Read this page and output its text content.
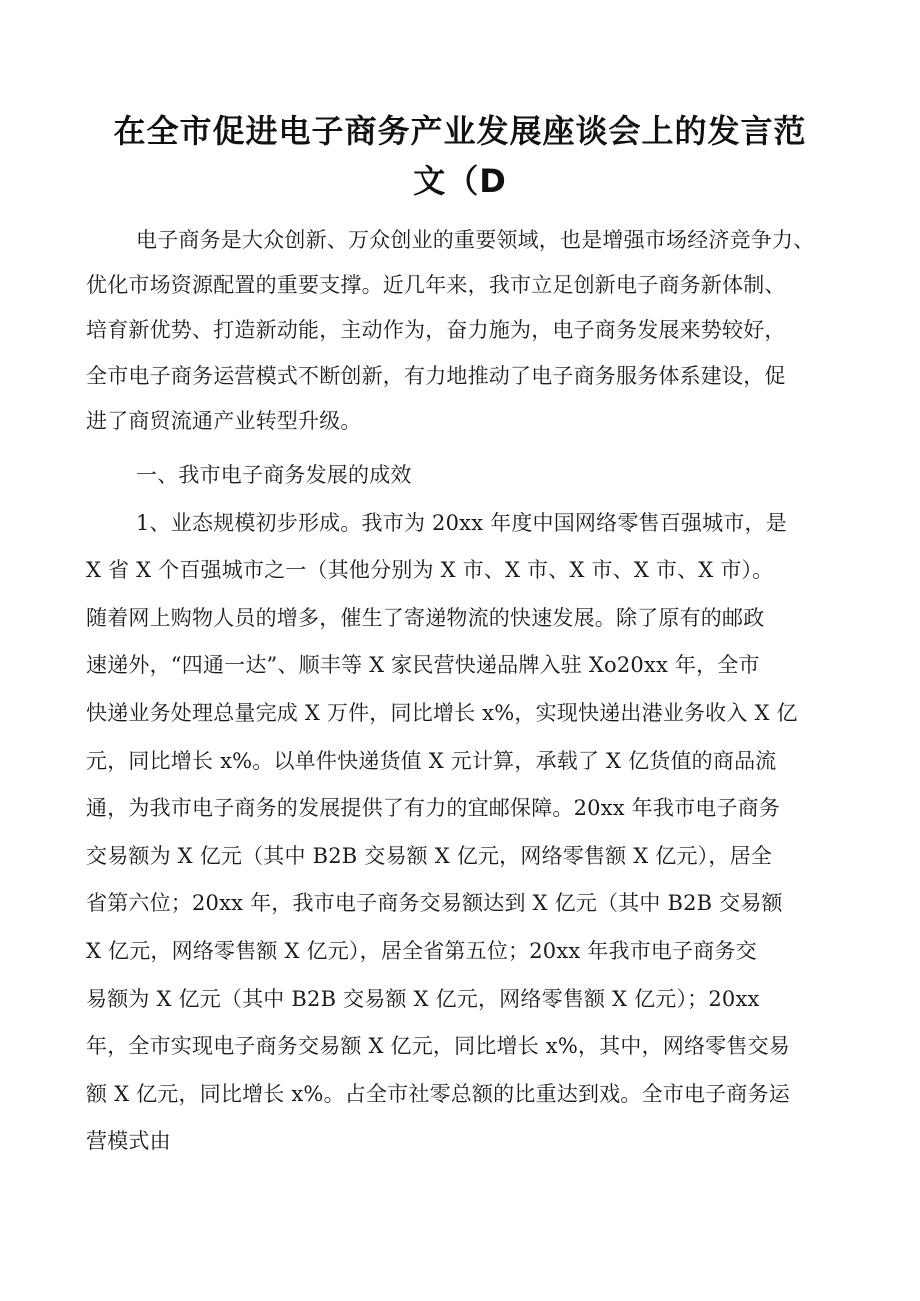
在全市促进电子商务产业发展座谈会上的发言范
文（D
电子商务是大众创新、万众创业的重要领域，也是增强市场经济竞争力、
优化市场资源配置的重要支撑。近几年来，我市立足创新电子商务新体制、
培育新优势、打造新动能，主动作为，奋力施为，电子商务发展来势较好，
全市电子商务运营模式不断创新，有力地推动了电子商务服务体系建设，促
进了商贸流通产业转型升级。
一、我市电子商务发展的成效
1、业态规模初步形成。我市为 20xx 年度中国网络零售百强城市，是
X 省 X 个百强城市之一（其他分别为 X 市、X 市、X 市、X 市、X 市）。
随着网上购物人员的增多，催生了寄递物流的快速发展。除了原有的邮政
速递外，“四通一达”、顺丰等 X 家民营快递品牌入驻 Xo20xx 年，全市
快递业务处理总量完成 X 万件，同比增长 x%，实现快递出港业务收入 X 亿
元，同比增长 x%。以单件快递货值 X 元计算，承载了 X 亿货值的商品流
通，为我市电子商务的发展提供了有力的宜邮保障。20xx 年我市电子商务
交易额为 X 亿元（其中 B2B 交易额 X 亿元，网络零售额 X 亿元），居全
省第六位；20xx 年，我市电子商务交易额达到 X 亿元（其中 B2B 交易额
X 亿元，网络零售额 X 亿元），居全省第五位；20xx 年我市电子商务交
易额为 X 亿元（其中 B2B 交易额 X 亿元，网络零售额 X 亿元）；20xx
年，全市实现电子商务交易额 X 亿元，同比增长 x%，其中，网络零售交易
额 X 亿元，同比增长 x%。占全市社零总额的比重达到戏。全市电子商务运
营模式由
